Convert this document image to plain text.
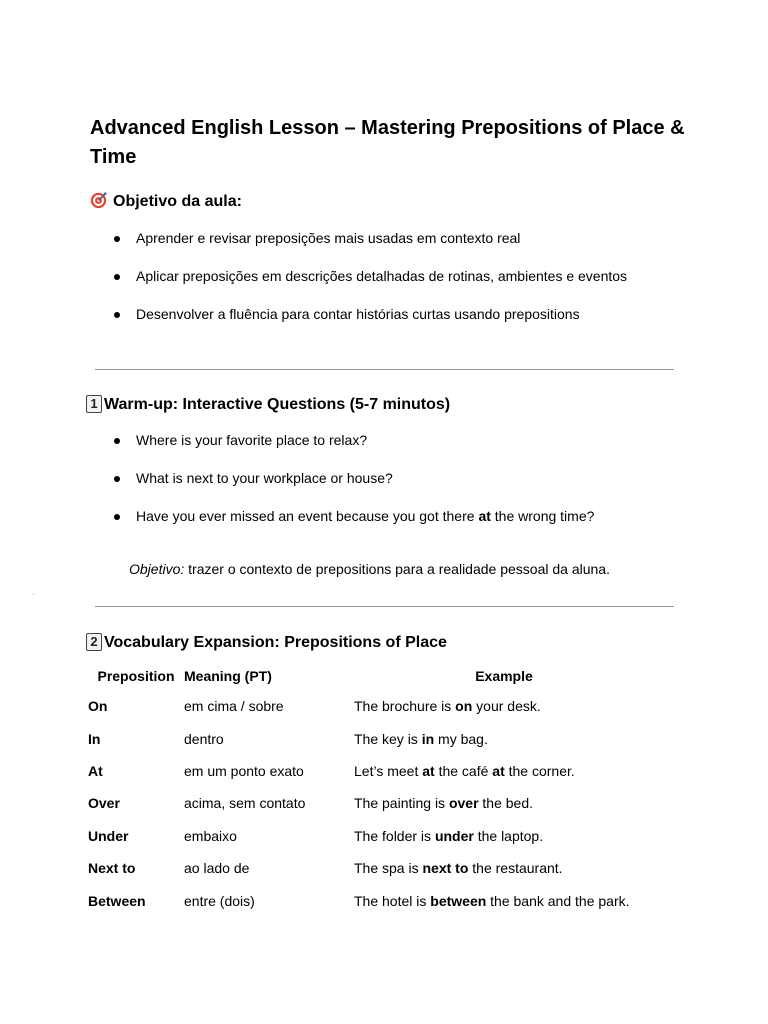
Advanced English Lesson – Mastering Prepositions of Place & Time
Objetivo da aula:
Aprender e revisar preposições mais usadas em contexto real
Aplicar preposições em descrições detalhadas de rotinas, ambientes e eventos
Desenvolver a fluência para contar histórias curtas usando prepositions
1 Warm-up: Interactive Questions (5-7 minutos)
Where is your favorite place to relax?
What is next to your workplace or house?
Have you ever missed an event because you got there at the wrong time?
Objetivo: trazer o contexto de prepositions para a realidade pessoal da aluna.
2 Vocabulary Expansion: Prepositions of Place
Preposition	Meaning (PT)	Example
On	em cima / sobre	The brochure is on your desk.
In	dentro	The key is in my bag.
At	em um ponto exato	Let’s meet at the café at the corner.
Over	acima, sem contato	The painting is over the bed.
Under	embaixo	The folder is under the laptop.
Next to	ao lado de	The spa is next to the restaurant.
Between	entre (dois)	The hotel is between the bank and the park.
